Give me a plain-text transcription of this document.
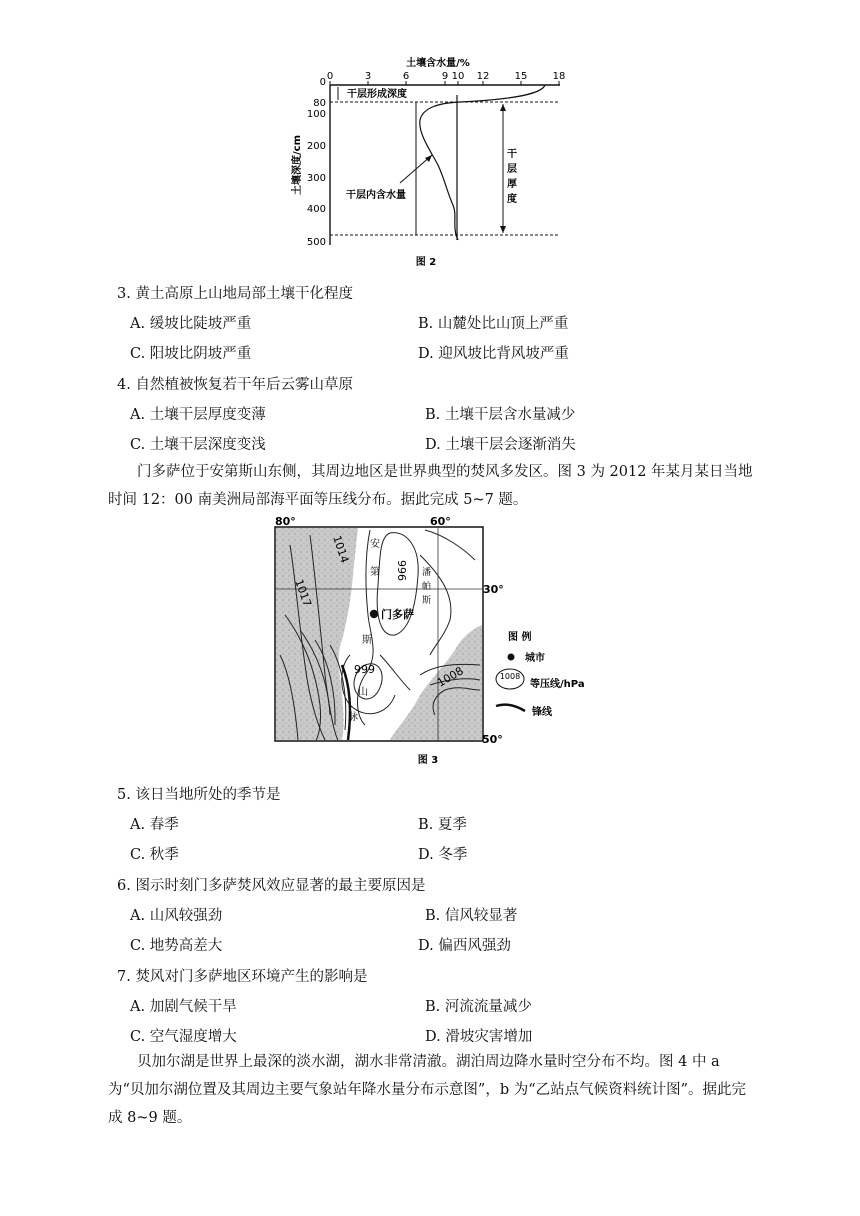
土壤含水量/%
0	3	6	9 10 12	15	18
0
80
100
200
300
400
500
土壤深度/cm
干层形成深度
干
层
厚
度
干层内含水量
图 2
3. 黄土高原上山地局部土壤干化程度
A. 缓坡比陡坡严重	B. 山麓处比山顶上严重
C. 阳坡比阴坡严重	D. 迎风坡比背风坡严重
4. 自然植被恢复若干年后云雾山草原
A. 土壤干层厚度变薄	B. 土壤干层含水量减少
C. 土壤干层深度变浅	D. 土壤干层会逐渐消失
门多萨位于安第斯山东侧，其周边地区是世界典型的焚风多发区。图 3 为 2012 年某月某日当地时间 12：00 南美洲局部海平面等压线分布。据此完成 5~7 题。
1017
1014
996
999	1008
安
第
斯
山
脉
潘
帕
斯
门多萨
80°	60°
30°
50°
图 例
城市
1008
等压线/hPa
锋线
图 3
5. 该日当地所处的季节是
A. 春季	B. 夏季
C. 秋季	D. 冬季
6. 图示时刻门多萨焚风效应显著的最主要原因是
A. 山风较强劲	B. 信风较显著
C. 地势高差大	D. 偏西风强劲
7. 焚风对门多萨地区环境产生的影响是
A. 加剧气候干旱	B. 河流流量减少
C. 空气湿度增大	D. 滑坡灾害增加
贝加尔湖是世界上最深的淡水湖，湖水非常清澈。湖泊周边降水量时空分布不均。图 4 中 a 为“贝加尔湖位置及其周边主要气象站年降水量分布示意图”，b 为“乙站点气候资料统计图”。据此完成 8~9 题。
